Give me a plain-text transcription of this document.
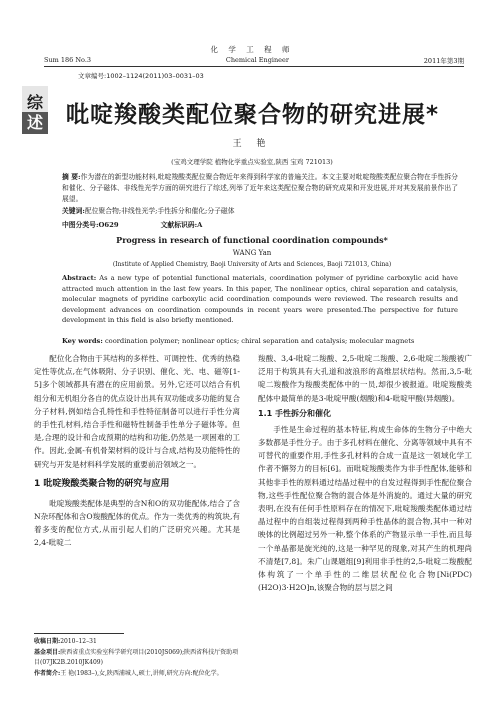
化 学 工 程 师
Sum 186 No.3	Chemical Engineer	2011年第3期
文章编号:1002–1124(2011)03–0031–03
综
述 吡啶羧酸类配位聚合物的研究进展*
王 艳
(宝鸡文理学院 植物化学重点实验室,陕西 宝鸡 721013)
摘 要:作为潜在的新型功能材料,吡啶羧酸类配位聚合物近年来得到科学家的普遍关注。本文主要对吡啶羧酸类配位聚合物在手性拆分和催化、分子磁体、非线性光学方面的研究进行了综述,列举了近年来这类配位聚合物的研究成果和开发进展,并对其发展前景作出了展望。
关键词:配位聚合物;非线性光学;手性拆分和催化;分子磁体
中图分类号:O629	文献标识码:A
Progress in research of functional coordination compounds*
WANG Yan
(Institute of Applied Chemistry, Baoji University of Arts and Sciences, Baoji 721013, China)
Abstract: As a new type of potential functional materials, coordination polymer of pyridine carboxylic acid have attracted much attention in the last few years. In this paper, The nonlinear optics, chiral separation and catalysis, molecular magnets of pyridine carboxylic acid coordination compounds were reviewed. The research results and development advances on coordination compounds in recent years were presented.The perspective for future development in this field is also briefly mentioned.
Key words: coordination polymer; nonlinear optics; chiral separation and catalysis; molecular magnets

配位化合物由于其结构的多样性、可调控性、优秀的热稳定性等优点,在气体吸附、分子识别、催化、光、电、磁等[1-5]多个领域都具有潜在的应用前景。另外,它还可以结合有机组分和无机组分各自的优点设计出具有双功能或多功能的复合分子材料,例如结合孔特性和手性特征制备可以进行手性分离的手性孔材料,结合手性和磁特性制备手性单分子磁体等。但是,合理的设计和合成预期的结构和功能,仍然是一项困难的工作。因此,金属-有机骨架材料的设计与合成,结构及功能特性的研究与开发是材料科学发展的重要前沿领域之一。

1 吡啶羧酸类聚合物的研究与应用

吡啶羧酸类配体是典型的含N和O的双功能配体,结合了含N杂环配体和含O羧酸配体的优点。作为一类优秀的构筑块,有着多变的配位方式,从而引起人们的广泛研究兴趣。尤其是2,4-吡啶二

羧酸、3,4-吡啶二羧酸、2,5-吡啶二羧酸、2,6-吡啶二羧酸被广泛用于构筑具有大孔道和波浪形的高维层状结构。然而,3,5-吡啶二羧酸作为羧酸类配体中的一员,却很少被报道。吡啶羧酸类配体中最简单的是3-吡啶甲酸(烟酸)和4-吡啶甲酸(异烟酸)。

1.1 手性拆分和催化

手性是生命过程的基本特征,构成生命体的生物分子中绝大多数都是手性分子。由于多孔材料在催化、分离等领域中具有不可替代的重要作用,手性多孔材料的合成一直是这一领域化学工作者不懈努力的目标[6]。而吡啶羧酸类作为非手性配体,能够和其他非手性的原料通过结晶过程中的自发过程得到手性配位聚合物,这些手性配位聚合物的混合体是外消旋的。通过大量的研究表明,在没有任何手性原料存在的情况下,吡啶羧酸类配体通过结晶过程中的自组装过程得到两种手性晶体的混合物,其中一种对映体的比例超过另外一种,整个体系的产物显示单一手性,而且每一个单晶都是旋光纯的,这是一种罕见的现象,对其产生的机理尚不清楚[7,8]。朱广山课题组[9]利用非手性的2,5-吡啶二羧酸配体构筑了一个单手性的二维层状配位化合物[Ni(PDC)(H2O)3·H2O]n,该聚合物的层与层之间

收稿日期:2010–12–31
基金项目:陕西省重点实验室科学研究项目(2010JS069);陕西省科技厅资助项目(07JK2B.2010JK409)
作者简介:王 艳(1983–),女,陕西浦城人,硕士,讲师,研究方向:配位化学。
